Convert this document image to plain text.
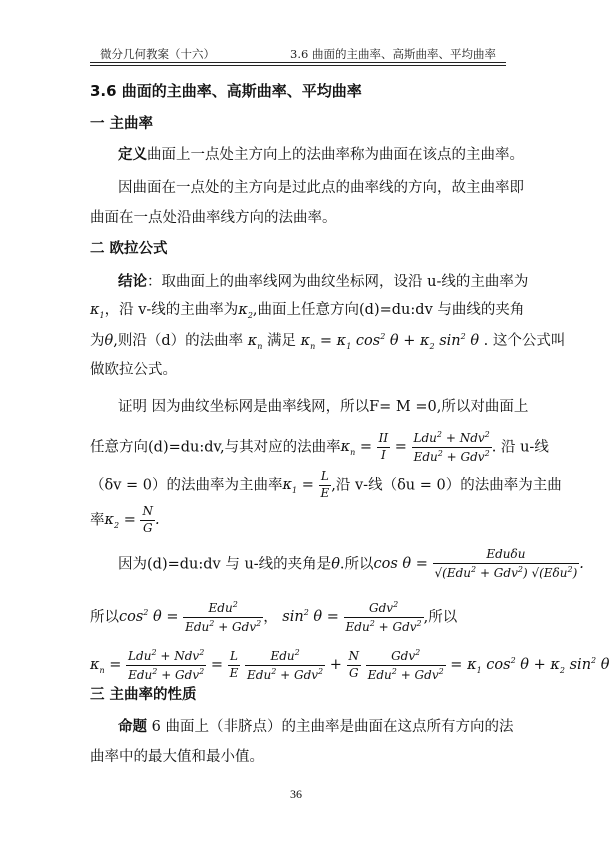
微分几何教案（十六）	3.6 曲面的主曲率、高斯曲率、平均曲率
3.6 曲面的主曲率、高斯曲率、平均曲率
一 主曲率
定义曲面上一点处主方向上的法曲率称为曲面在该点的主曲率。
因曲面在一点处的主方向是过此点的曲率线的方向，故主曲率即
曲面在一点处沿曲率线方向的法曲率。
二 欧拉公式
结论：取曲面上的曲率线网为曲纹坐标网，设沿 u-线的主曲率为
$\kappa_1$，沿 v-线的主曲率为$\kappa_2$,曲面上任意方向(d)=du:dv 与曲线的夹角
为θ,则沿（d）的法曲率 $\kappa_n$ 满足 $\kappa_n = \kappa_1$ $\cos^2 \theta + \kappa_2$ $\sin^2 \theta$ . 这个公式叫
做欧拉公式。
证明 因为曲纹坐标网是曲率线网，所以F= M =0,所以对曲面上
任意方向(d)=du:dv,与其对应的法曲率$\kappa_n = \frac{II}{I} = \frac{Ldu^2 + Ndv^2}{Edu^2 + Gdv^2}$ . 沿 u-线
（δv = 0）的法曲率为主曲率$\kappa_1 = \frac{L}{E}$ ,沿 v-线（δu = 0）的法曲率为主曲
率$\kappa_2 = \frac{N}{G}$ .
因为(d)=du:dv 与 u-线的夹角是θ.所以$\cos \theta = \frac{\text{Eduδu}}{√(Edu^2 + Gdv^2) √(E\delta u^2)}$ .
所以$\cos^2 \theta = \frac{Edu^2}{Edu^2 + Gdv^2}$ ， $\sin^2 \theta = \frac{Gdv^2}{Edu^2 + Gdv^2}$ ,所以
$\kappa_n = \frac{Ldu^2 + Ndv^2}{Edu^2 + Gdv^2} = \frac{L}{E}$
$\frac{Edu^2}{Edu^2 + Gdv^2} + \frac{N}{G}$
$\frac{Gdv^2}{Edu^2 + Gdv^2} = \kappa_1$ $\cos^2 \theta + \kappa_2$ $\sin^2 \theta$
三 主曲率的性质
命题 6 曲面上（非脐点）的主曲率是曲面在这点所有方向的法
曲率中的最大值和最小值。
36
